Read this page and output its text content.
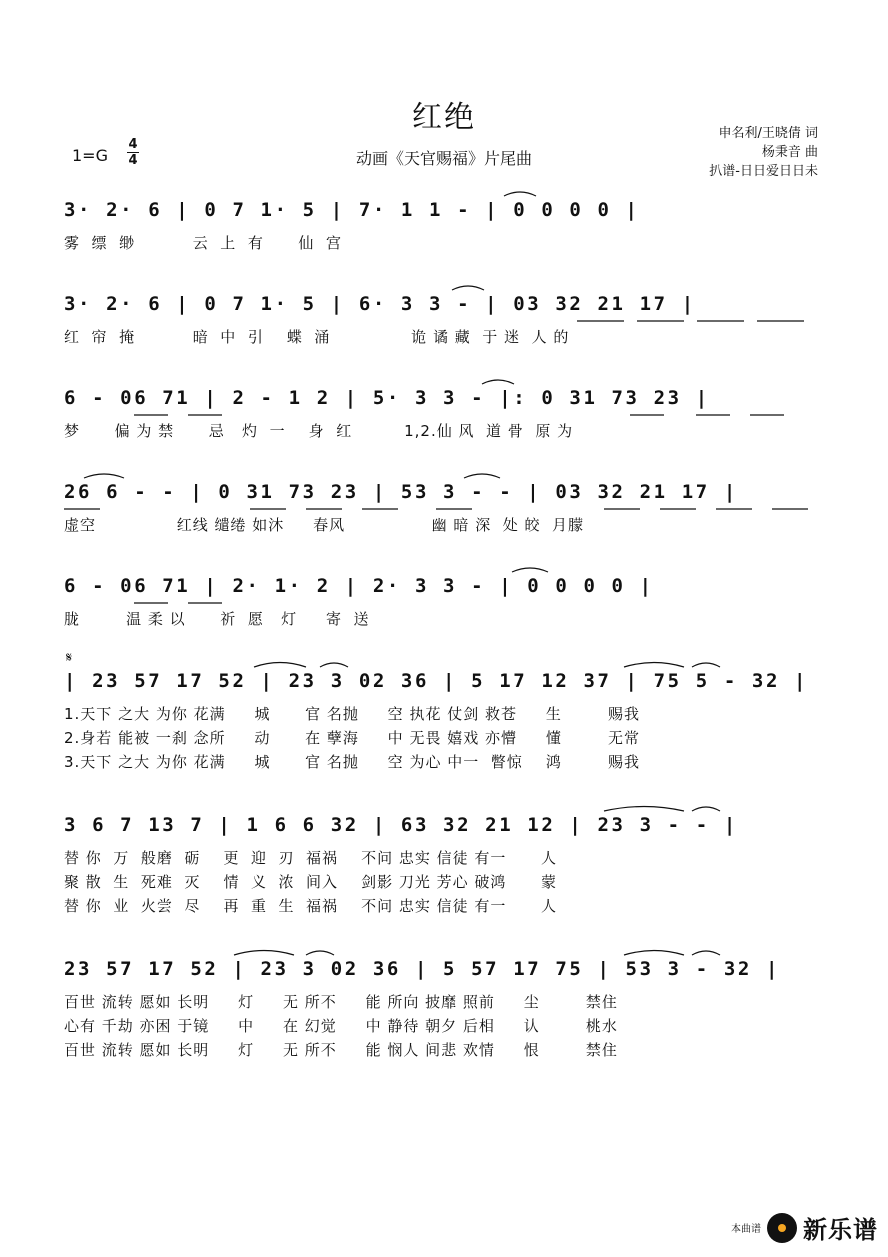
红绝
动画《天官赐福》片尾曲
申名利/王晓倩 词
杨秉音 曲
扒谱-日日爱日日未
1=G
4
4
3· 2· 6 | 0 7 1· 5 | 7· 1 1 - | 0 0 0 0 |
雾  缥  缈          云  上  有      仙  宫
3· 2· 6 | 0 7 1· 5 | 6· 3 3 - | 03 32 21 17 |
红  帘  掩          暗  中  引    蝶  涌              诡 谲 藏  于 迷  人 的
6 - 06 71 | 2 - 1 2 | 5· 3 3 - |: 0 31 73 23 |
梦      偏 为 禁      忌   灼  一    身  红         1,2.仙 风  道 骨  原 为
26 6 - - | 0 31 73 23 | 53 3 - - | 03 32 21 17 |
虚空              红线 缱绻 如沐     春风               幽 暗 深  处 皎  月朦
6 - 06 71 | 2· 1· 2 | 2· 3 3 - | 0 0 0 0 |
胧        温 柔 以      祈  愿   灯     寄  送
𝄋
| 23 57 17 52 | 23 3 02 36 | 5 17 12 37 | 75 5 - 32 |
1.天下 之大 为你 花满     城      官 名抛     空 执花 仗剑 救苍     生        赐我
2.身若 能被 一刹 念所     动      在 孽海     中 无畏 嬉戏 亦懵     懂        无常
3.天下 之大 为你 花满     城      官 名抛     空 为心 中一  瞥惊    鸿        赐我
3 6 7 13 7 | 1 6 6 32 | 63 32 21 12 | 23 3 - - |
替 你  万  般磨  砺    更  迎  刃  福祸    不问 忠实 信徒 有一      人
聚 散  生  死难  灭    情  义  浓  间入    剑影 刀光 芳心 破鸿      蒙
替 你  业  火尝  尽    再  重  生  福祸    不问 忠实 信徒 有一      人
23 57 17 52 | 23 3 02 36 | 5 57 17 75 | 53 3 - 32 |
百世 流转 愿如 长明     灯     无 所不     能 所向 披靡 照前     尘        禁住
心有 千劫 亦困 于镜     中     在 幻觉     中 静待 朝夕 后相     认        桃水
百世 流转 愿如 长明     灯     无 所不     能 悯人 间悲 欢情     恨        禁住
本曲谱 新乐谱
